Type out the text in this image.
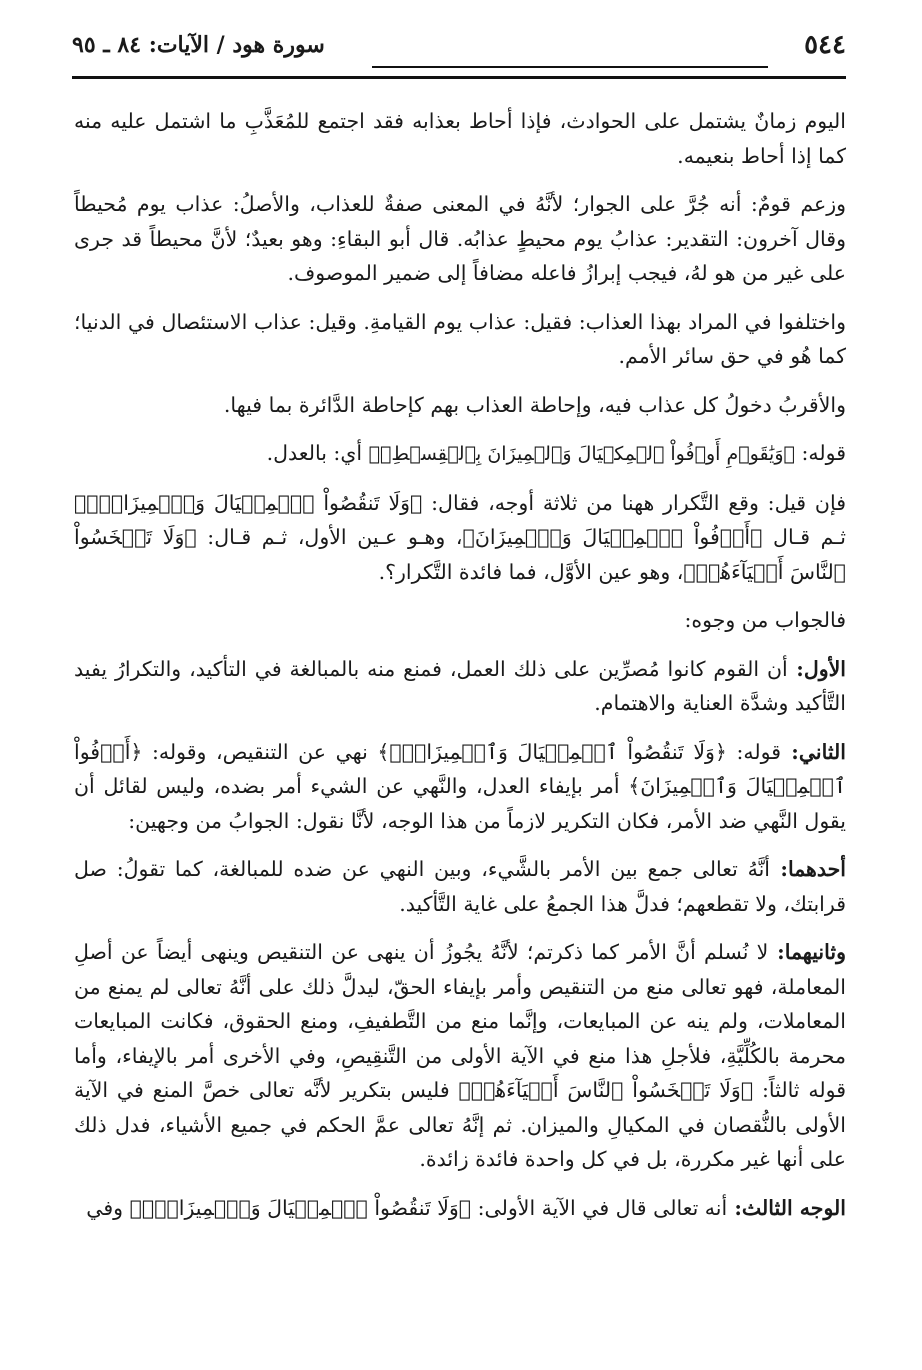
٥٤٤
سورة هود / الآيات: ٨٤ ـ ٩٥

اليوم زمانٌ يشتمل على الحوادث، فإذا أحاط بعذابه فقد اجتمع للمُعَذَّبِ ما اشتمل عليه منه كما إذا أحاط بنعيمه.

وزعم قومٌ: أنه جُرَّ على الجوار؛ لأنَّهُ في المعنى صفةٌ للعذاب، والأصلُ: عذاب يوم مُحيطاً وقال آخرون: التقدير: عذابُ يوم محيطٍ عذابُه. قال أبو البقاءِ: وهو بعيدٌ؛ لأنَّ محيطاً قد جرى على غير من هو لهُ، فيجب إبرازُ فاعله مضافاً إلى ضمير الموصوف.

واختلفوا في المراد بهذا العذاب: فقيل: عذاب يوم القيامةِ. وقيل: عذاب الاستئصال في الدنيا؛ كما هُو في حق سائر الأمم.

والأقربُ دخولُ كل عذاب فيه، وإحاطة العذاب بهم كإحاطة الدَّائرة بما فيها.

قوله: ﴿وَيَٰقَوۡمِ أَوۡفُواْ ٱلۡمِكۡيَالَ وَٱلۡمِيزَانَ بِٱلۡقِسۡطِۖ﴾ أي: بالعدل.

فإن قيل: وقع التَّكرار ههنا من ثلاثة أوجه، فقال: ﴿وَلَا تَنقُصُواْ ٱلۡمِكۡيَالَ وَٱلۡمِيزَانَۚ﴾ ثـم قـال ﴿أَوۡفُواْ ٱلۡمِكۡيَالَ وَٱلۡمِيزَانَ﴾، وهـو عـين الأول، ثـم قـال: ﴿وَلَا تَبۡخَسُواْ ٱلنَّاسَ أَشۡيَآءَهُمۡ﴾، وهو عين الأوَّل، فما فائدة التَّكرار؟.

فالجواب من وجوه:

الأول: أن القوم كانوا مُصرِّين على ذلك العمل، فمنع منه بالمبالغة في التأكيد، والتكرارُ يفيد التَّأكيد وشدَّة العناية والاهتمام.

الثاني: قوله: ﴿وَلَا تَنقُصُواْ ٱلۡمِكۡيَالَ وَٱلۡمِيزَانَۚ﴾ نهي عن التنقيص، وقوله: ﴿أَوۡفُواْ ٱلۡمِكۡيَالَ وَٱلۡمِيزَانَ﴾ أمر بإيفاء العدل، والنَّهي عن الشيء أمر بضده، وليس لقائل أن يقول النَّهي ضد الأمر، فكان التكرير لازماً من هذا الوجه، لأنَّا نقول: الجوابُ من وجهين:

أحدهما: أنَّهُ تعالى جمع بين الأمر بالشَّيء، وبين النهي عن ضده للمبالغة، كما تقولُ: صل قرابتك، ولا تقطعهم؛ فدلَّ هذا الجمعُ على غاية التَّأكيد.

وثانيهما: لا نُسلم أنَّ الأمر كما ذكرتم؛ لأنَّهُ يجُوزُ أن ينهى عن التنقيص وينهى أيضاً عن أصلِ المعاملة، فهو تعالى منع من التنقيص وأمر بإيفاء الحقّ، ليدلَّ ذلك على أنَّهُ تعالى لم يمنع من المعاملات، ولم ينه عن المبايعات، وإنَّما منع من التَّطفيفِ، ومنع الحقوق، فكانت المبايعات محرمة بالكُلِّيَّةِ، فلأجلِ هذا منع في الآية الأولى من التَّنقِيصِ، وفي الأخرى أمر بالإيفاء، وأما قوله ثالثاً: ﴿وَلَا تَبۡخَسُواْ ٱلنَّاسَ أَشۡيَآءَهُمۡ﴾ فليس بتكرير لأنَّه تعالى خصَّ المنع في الآية الأولى بالنُّقصان في المكيالِ والميزان. ثم إنَّهُ تعالى عمَّ الحكم في جميع الأشياء، فدل ذلك على أنها غير مكررة، بل في كل واحدة فائدة زائدة.

الوجه الثالث: أنه تعالى قال في الآية الأولى: ﴿وَلَا تَنقُصُواْ ٱلۡمِكۡيَالَ وَٱلۡمِيزَانَۚ﴾ وفي
